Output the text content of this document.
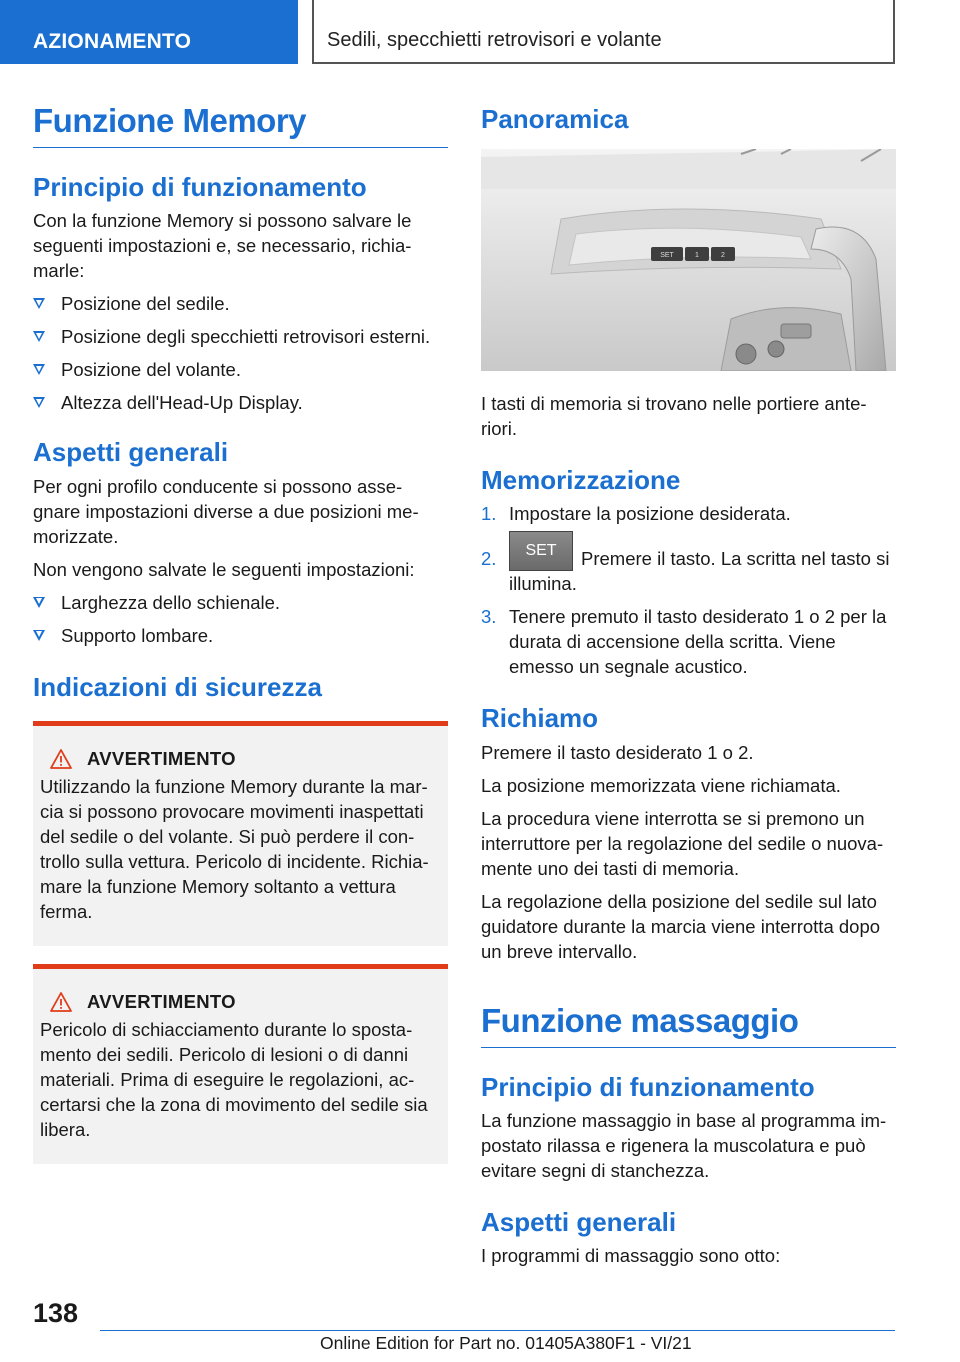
AZIONAMENTO	Sedili, specchietti retrovisori e volante
Funzione Memory
Principio di funzionamento

Con la funzione Memory si possono salvare le seguenti impostazioni e, se necessario, richia-marle:

Posizione del sedile.
Posizione degli specchietti retrovisori esterni.
Posizione del volante.
Altezza dell'Head-Up Display.
Aspetti generali

Per ogni profilo conducente si possono asse-gnare impostazioni diverse a due posizioni me-morizzate.

Non vengono salvate le seguenti impostazioni:

Larghezza dello schienale.
Supporto lombare.
Indicazioni di sicurezza
AVVERTIMENTO

Utilizzando la funzione Memory durante la mar-cia si possono provocare movimenti inaspettati del sedile o del volante. Si può perdere il con-trollo sulla vettura. Pericolo di incidente. Richia-mare la funzione Memory soltanto a vettura ferma.

AVVERTIMENTO

Pericolo di schiacciamento durante lo sposta-mento dei sedili. Pericolo di lesioni o di danni materiali. Prima di eseguire le regolazioni, ac-certarsi che la zona di movimento del sedile sia libera.

Panoramica
SET	1	2

I tasti di memoria si trovano nelle portiere ante-riori.

Memorizzazione
1. Impostare la posizione desiderata.
2. SET Premere il tasto. La scritta nel tasto si illumina.
3. Tenere premuto il tasto desiderato 1 o 2 per la durata di accensione della scritta. Viene emesso un segnale acustico.
Richiamo

Premere il tasto desiderato 1 o 2.

La posizione memorizzata viene richiamata.

La procedura viene interrotta se si premono un interruttore per la regolazione del sedile o nuova-mente uno dei tasti di memoria.

La regolazione della posizione del sedile sul lato guidatore durante la marcia viene interrotta dopo un breve intervallo.

Funzione massaggio
Principio di funzionamento

La funzione massaggio in base al programma im-postato rilassa e rigenera la muscolatura e può evitare segni di stanchezza.

Aspetti generali

I programmi di massaggio sono otto:

138
Online Edition for Part no. 01405A380F1 - VI/21
